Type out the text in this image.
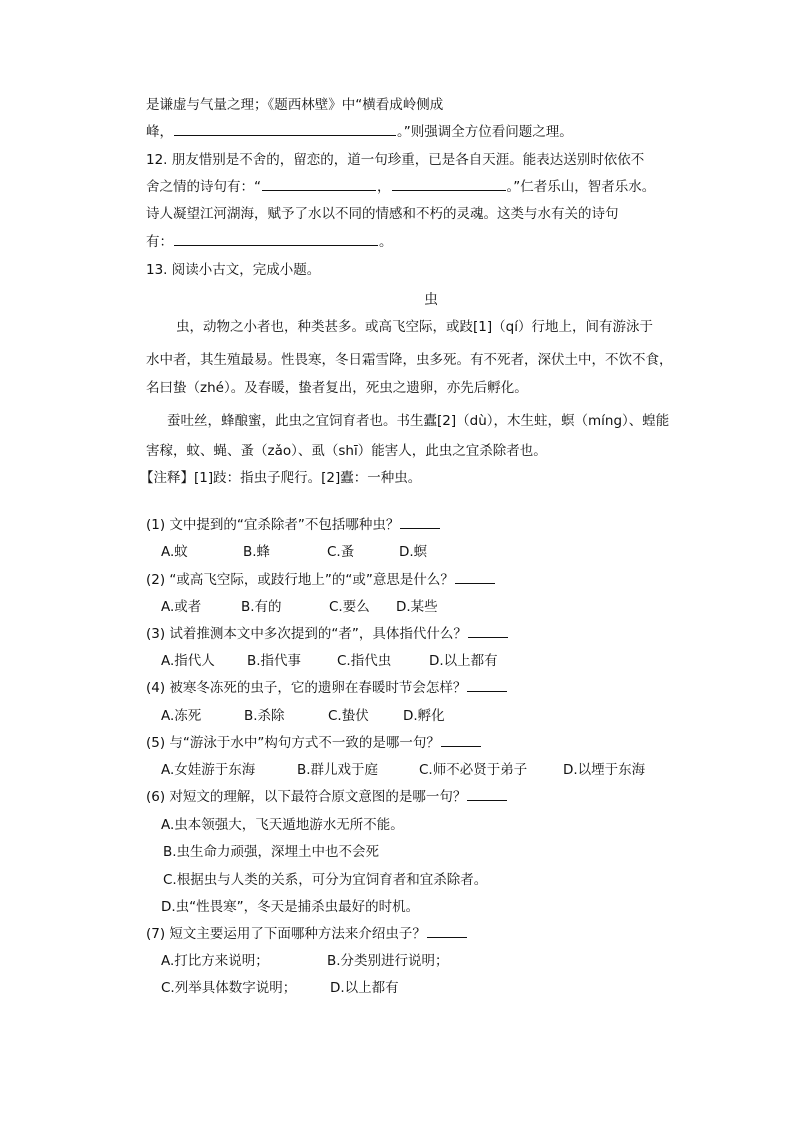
是谦虚与气量之理；《题西林壁》中“横看成岭侧成
峰，	。”则强调全方位看问题之理。
12. 朋友惜别是不舍的，留恋的，道一句珍重，已是各自天涯。能表达送别时依依不
舍之情的诗句有：“	，	。”仁者乐山，智者乐水。
诗人凝望江河湖海，赋予了水以不同的情感和不朽的灵魂。这类与水有关的诗句
有：	。
13. 阅读小古文，完成小题。
虫
虫，动物之小者也，种类甚多。或高飞空际，或跂[1]（qí）行地上，间有游泳于
水中者，其生殖最易。性畏寒，冬日霜雪降，虫多死。有不死者，深伏土中，不饮不食，
名曰蛰（zhé）。及春暖，蛰者复出，死虫之遗卵，亦先后孵化。
蚕吐丝，蜂酿蜜，此虫之宜饲育者也。书生蠹[2]（dù），木生蛀，螟（míng）、蝗能
害稼，蚊、蝇、蚤（zǎo）、虱（shī）能害人，此虫之宜杀除者也。
【注释】[1]跂：指虫子爬行。[2]蠹：一种虫。
(1) 文中提到的“宜杀除者”不包括哪种虫？
A.蚊	B.蜂	C.蚤	D.螟
(2) “或高飞空际，或跂行地上”的“或”意思是什么？
A.或者	B.有的	C.要么 D.某些
(3) 试着推测本文中多次提到的“者”，具体指代什么？
A.指代人 B.指代事	C.指代虫	D.以上都有
(4) 被寒冬冻死的虫子，它的遗卵在春暖时节会怎样？
A.冻死	B.杀除	C.蛰伏	D.孵化
(5) 与“游泳于水中”构句方式不一致的是哪一句？
A.女娃游于东海	B.群儿戏于庭	C.师不必贤于弟子	D.以堙于东海
(6) 对短文的理解，以下最符合原文意图的是哪一句？
A.虫本领强大，飞天遁地游水无所不能。
B.虫生命力顽强，深埋土中也不会死
C.根据虫与人类的关系，可分为宜饲育者和宜杀除者。
D.虫“性畏寒”，冬天是捕杀虫最好的时机。
(7) 短文主要运用了下面哪种方法来介绍虫子？
A.打比方来说明；	B.分类别进行说明；
C.列举具体数字说明；	D.以上都有
